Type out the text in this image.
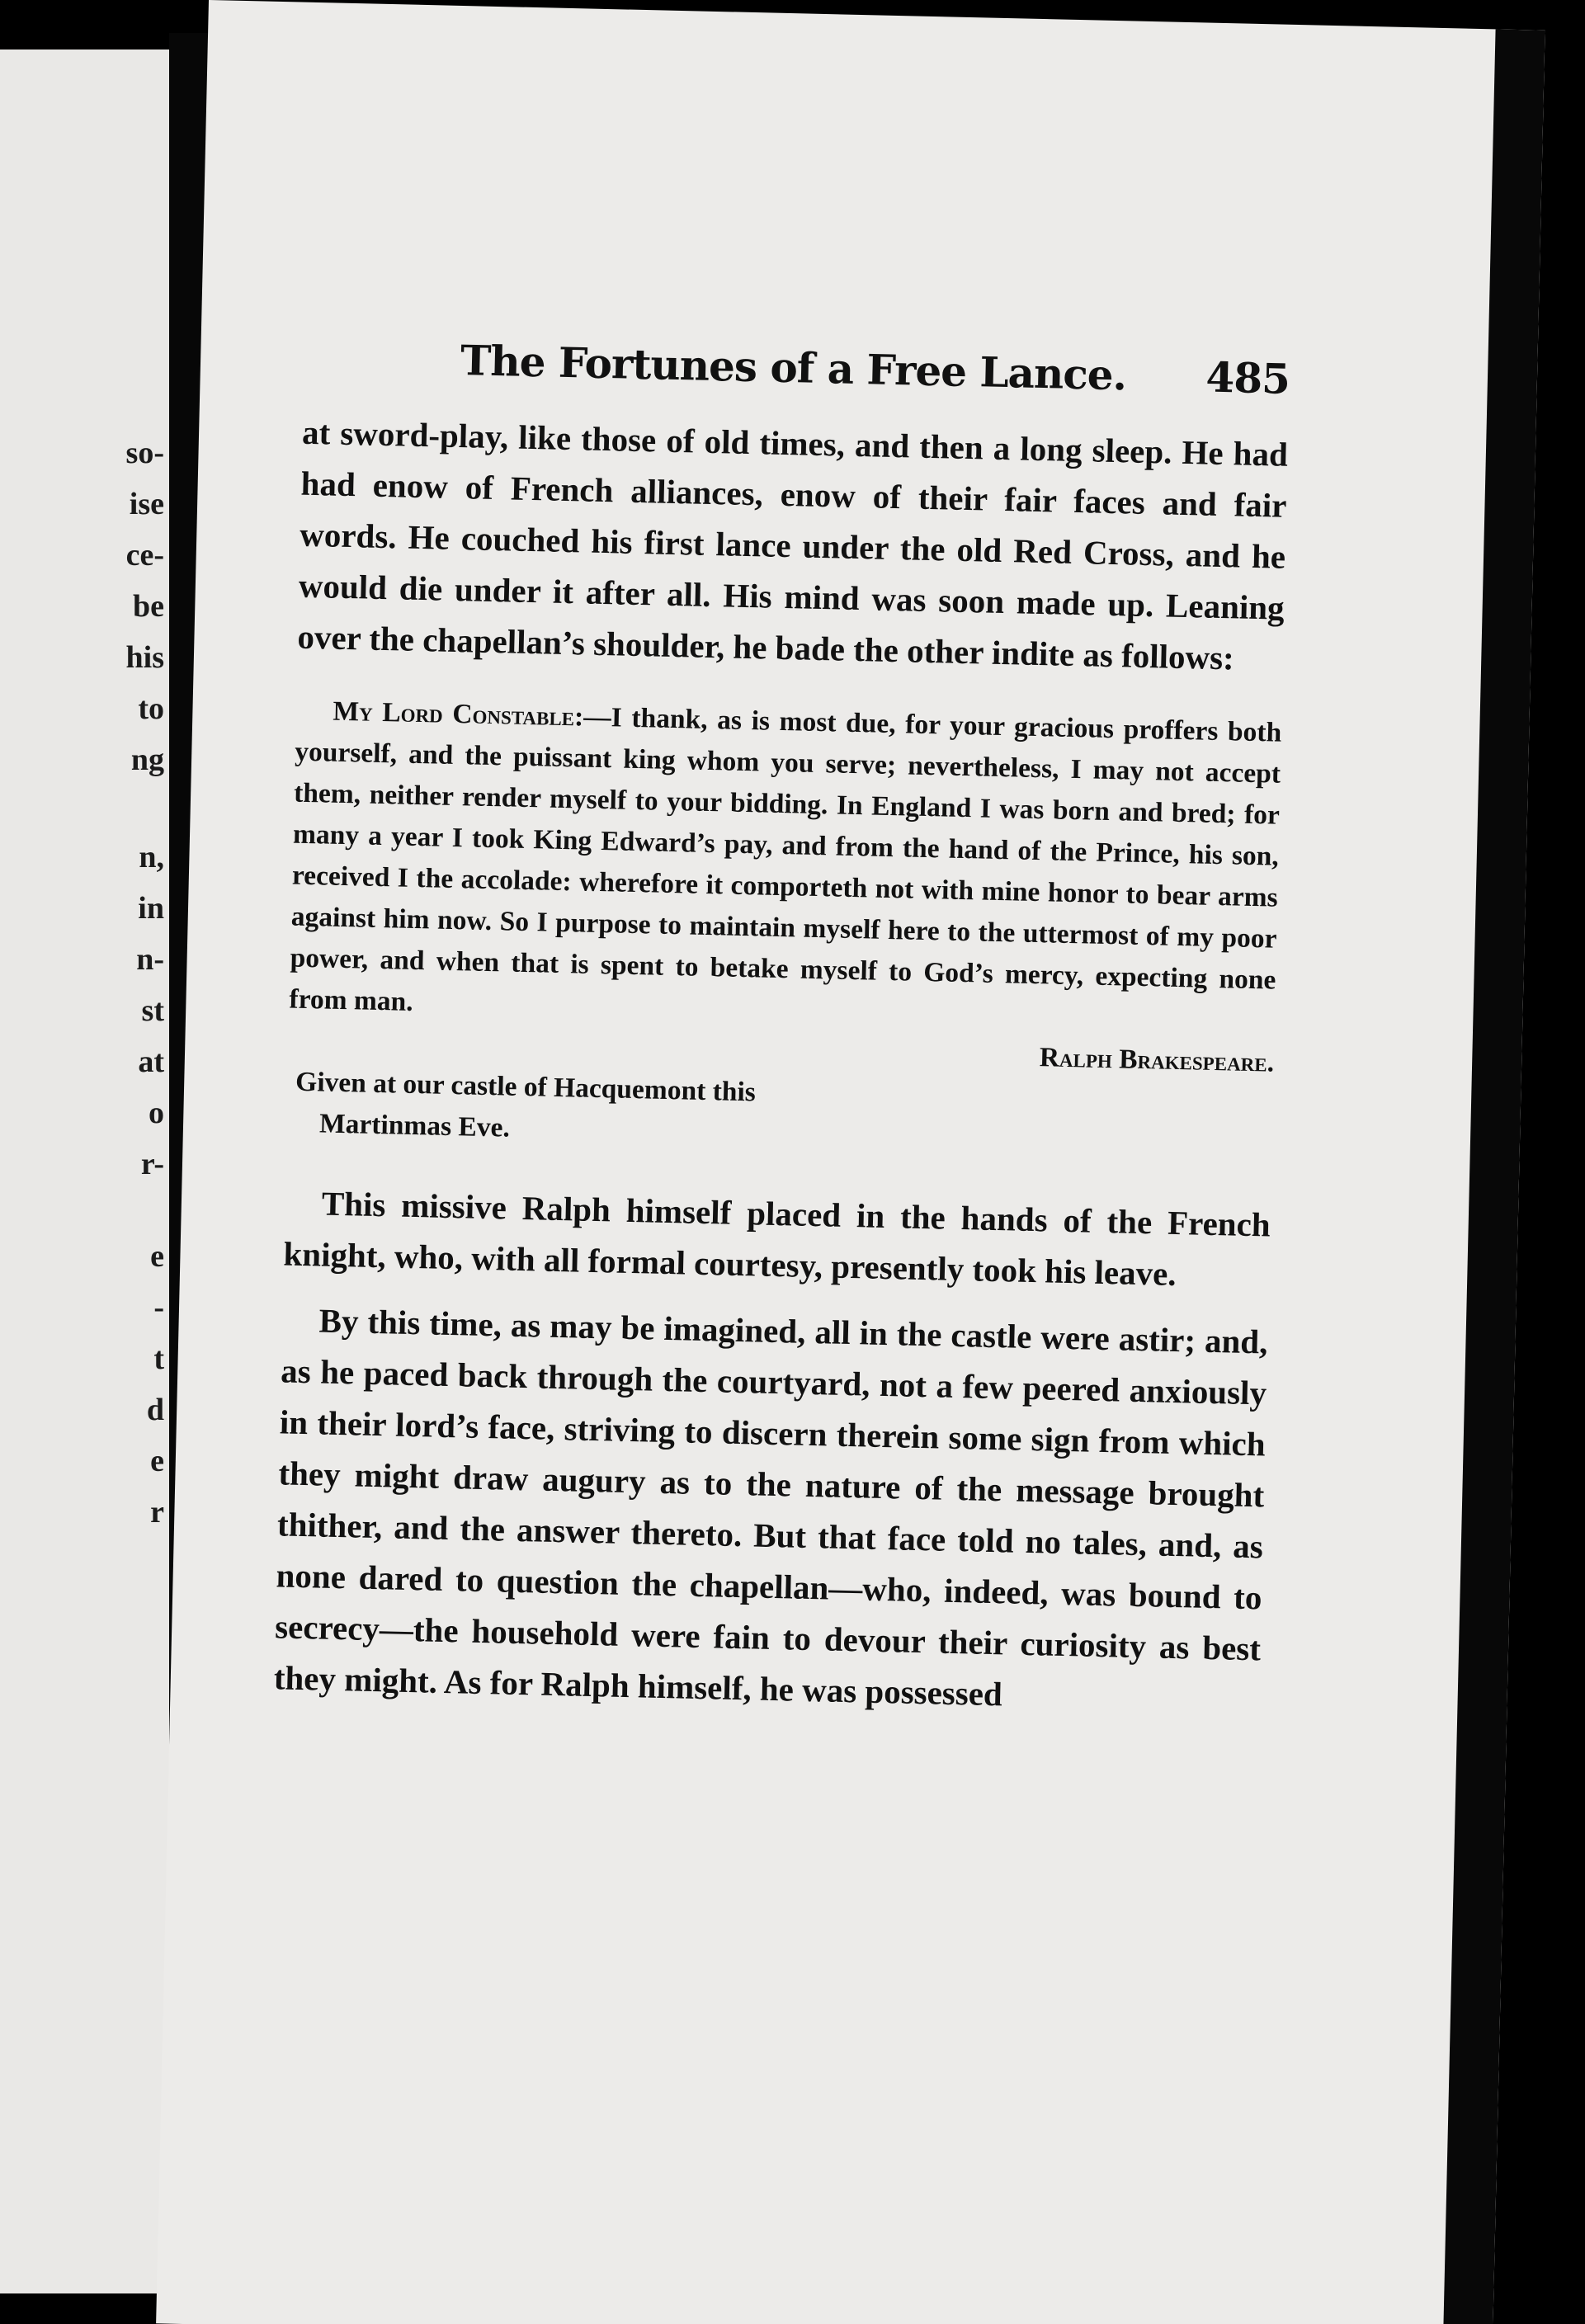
so-
ise
ce-
be
his
to
ng
n,
in
n-
st
at
o
r-
e
-
t
d
e
r
The Fortunes of a Free Lance. 485

at sword-play, like those of old times, and then a long sleep. He had had enow of French alliances, enow of their fair faces and fair words. He couched his first lance under the old Red Cross, and he would die under it after all. His mind was soon made up. Leaning over the chapellan’s shoulder, he bade the other indite as follows:

My Lord Constable:—I thank, as is most due, for your gracious proffers both yourself, and the puissant king whom you serve; nevertheless, I may not accept them, neither render myself to your bidding. In England I was born and bred; for many a year I took King Edward’s pay, and from the hand of the Prince, his son, received I the accolade: wherefore it comporteth not with mine honor to bear arms against him now. So I purpose to maintain myself here to the uttermost of my poor power, and when that is spent to betake myself to God’s mercy, expecting none from man.

Ralph Brakespeare.

Given at our castle of Hacquemont this

Martinmas Eve.

This missive Ralph himself placed in the hands of the French knight, who, with all formal courtesy, presently took his leave.

By this time, as may be imagined, all in the castle were astir; and, as he paced back through the courtyard, not a few peered anxiously in their lord’s face, striving to discern therein some sign from which they might draw augury as to the nature of the message brought thither, and the answer thereto. But that face told no tales, and, as none dared to question the chapellan—who, indeed, was bound to secrecy—the household were fain to devour their curiosity as best they might. As for Ralph himself, he was possessed
